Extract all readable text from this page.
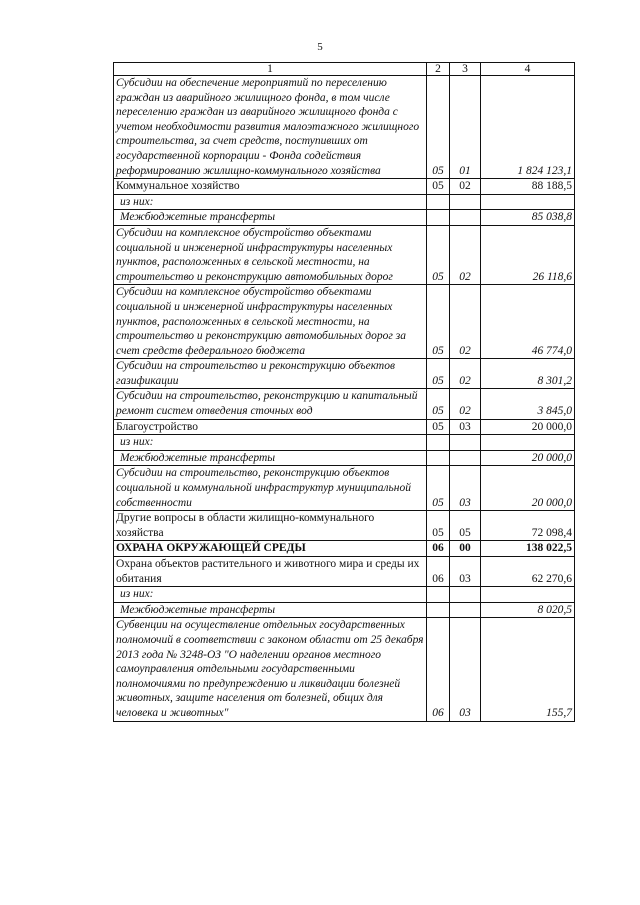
5
1	2	3	4
Субсидии на обеспечение мероприятий по переселению граждан из аварийного жилищного фонда, в том числе переселению граждан из аварийного жилищного фонда с учетом необходимости развития малоэтажного жилищного строительства, за счет средств, поступивших от государственной корпорации - Фонда содействия реформированию жилищно-коммунального хозяйства	05	01	1 824 123,1
Коммунальное хозяйство	05	02	88 188,5
из них:			
Межбюджетные трансферты			85 038,8
Субсидии на комплексное обустройство объектами социальной и инженерной инфраструктуры населенных пунктов, расположенных в сельской местности, на строительство и реконструкцию автомобильных дорог	05	02	26 118,6
Субсидии на комплексное обустройство объектами социальной и инженерной инфраструктуры населенных пунктов, расположенных в сельской местности, на строительство и реконструкцию автомобильных дорог за счет средств федерального бюджета	05	02	46 774,0
Субсидии на строительство и реконструкцию объектов газификации	05	02	8 301,2
Субсидии на строительство, реконструкцию и капитальный ремонт систем отведения сточных вод	05	02	3 845,0
Благоустройство	05	03	20 000,0
из них:			
Межбюджетные трансферты			20 000,0
Субсидии на строительство, реконструкцию объектов социальной и коммунальной инфраструктур муниципальной собственности	05	03	20 000,0
Другие вопросы в области жилищно-коммунального хозяйства	05	05	72 098,4
ОХРАНА ОКРУЖАЮЩЕЙ СРЕДЫ	06	00	138 022,5
Охрана объектов растительного и животного мира и среды их обитания	06	03	62 270,6
из них:			
Межбюджетные трансферты			8 020,5
Субвенции на осуществление отдельных государственных полномочий в соответствии с законом области от 25 декабря 2013 года № 3248-ОЗ "О наделении органов местного самоуправления отдельными государственными полномочиями по предупреждению и ликвидации болезней животных, защите населения от болезней, общих для человека и животных"	06	03	155,7
